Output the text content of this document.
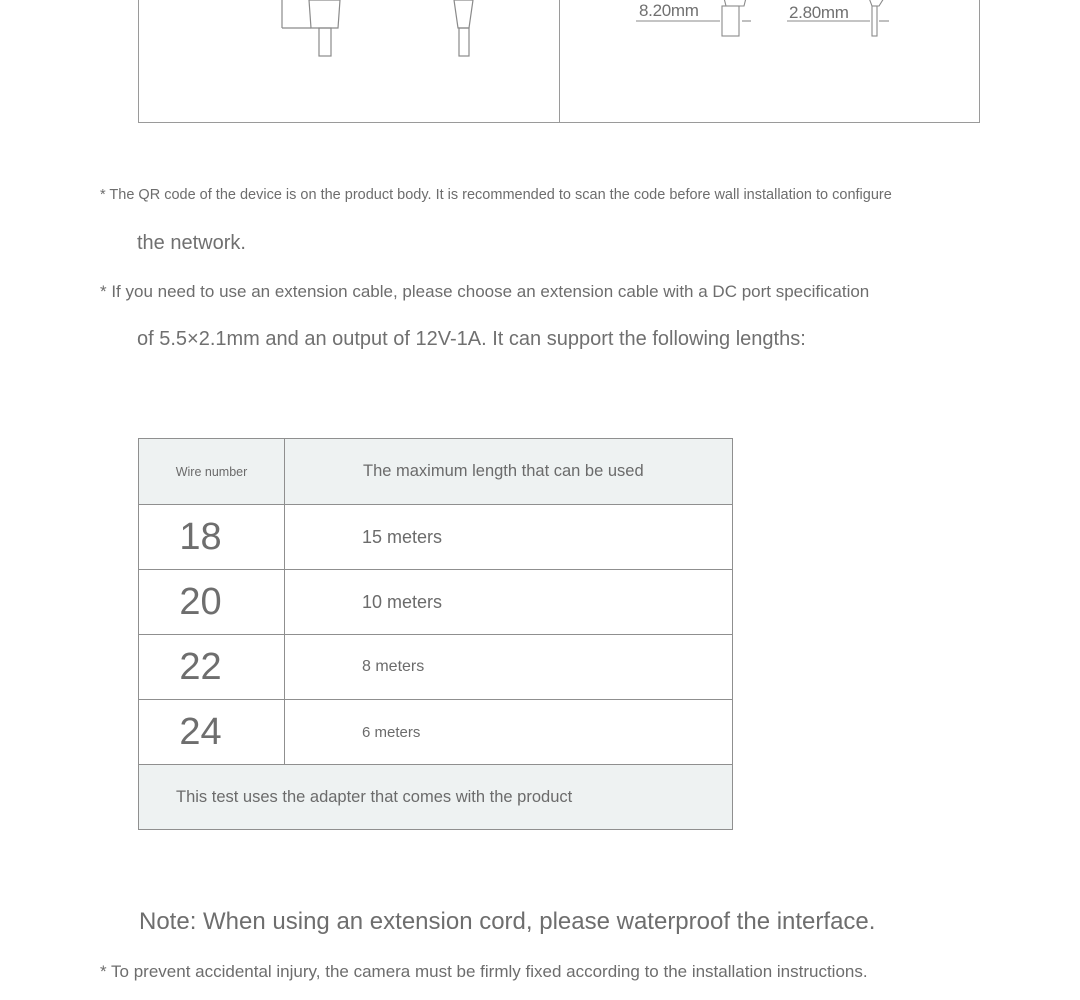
8.20mm	2.80mm
* The QR code of the device is on the product body. It is recommended to scan the code before wall installation to configure
the network.
* If you need to use an extension cable, please choose an extension cable with a DC port specification
of 5.5×2.1mm and an output of 12V-1A. It can support the following lengths:
Wire number	The maximum length that can be used
18	15 meters
20	10 meters
22	8 meters
24	6 meters
This test uses the adapter that comes with the product	
Note: When using an extension cord, please waterproof the interface.
* To prevent accidental injury, the camera must be firmly fixed according to the installation instructions.
